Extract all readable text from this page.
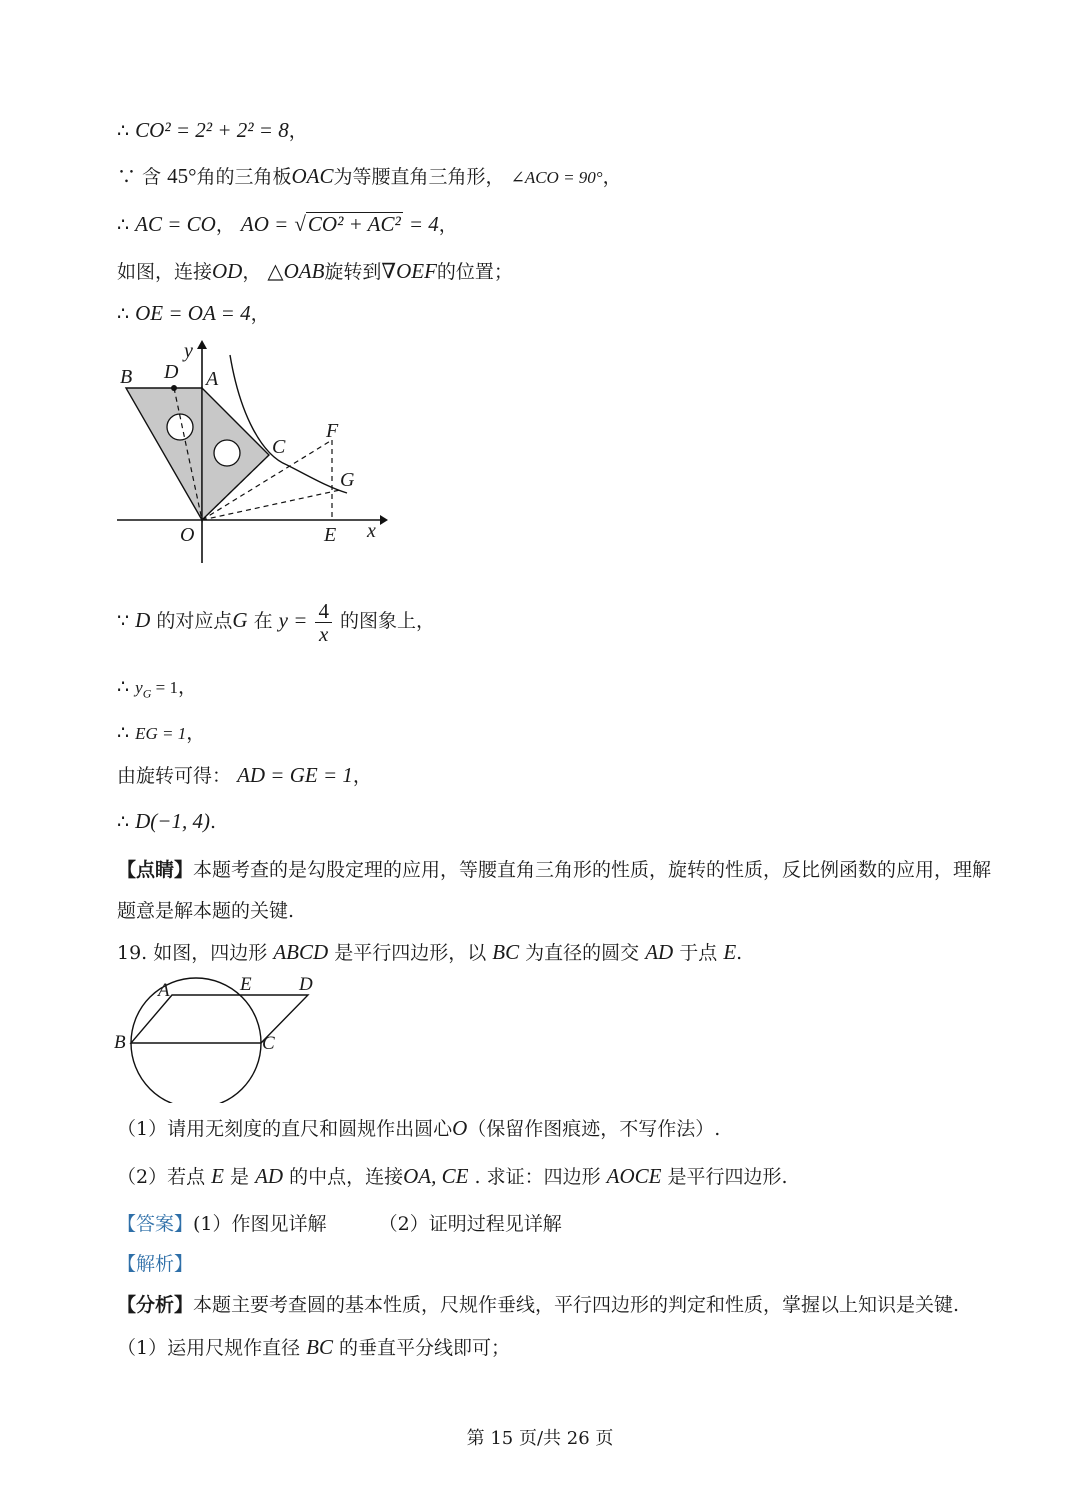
∴ CO² = 2² + 2² = 8，
∵ 含 45°角的三角板OAC为等腰直角三角形， ∠ACO = 90°，
∴ AC = CO， AO = √CO² + AC² = 4，
如图，连接OD， △OAB旋转到∇OEF的位置；
∴ OE = OA = 4，
B D A
y
C
F
G
O	E x
∵ D 的对应点G 在 $y = \frac{4}{x}$ 的图象上，
∴ $y_G = 1$，
∴ EG = 1，
由旋转可得： AD = GE = 1，
∴ D(−1, 4).
【点睛】本题考查的是勾股定理的应用，等腰直角三角形的性质，旋转的性质，反比例函数的应用，理解
题意是解本题的关键.
19. 如图，四边形 ABCD 是平行四边形，以 BC 为直径的圆交 AD 于点 E.
A	E D
B	C
（1）请用无刻度的直尺和圆规作出圆心O（保留作图痕迹，不写作法）.
（2）若点 E 是 AD 的中点，连接OA, CE . 求证：四边形 AOCE 是平行四边形.
【答案】(1）作图见详解	（2）证明过程见详解
【解析】
【分析】本题主要考查圆的基本性质，尺规作垂线，平行四边形的判定和性质，掌握以上知识是关键.
（1）运用尺规作直径 BC 的垂直平分线即可；
第 15 页/共 26 页
